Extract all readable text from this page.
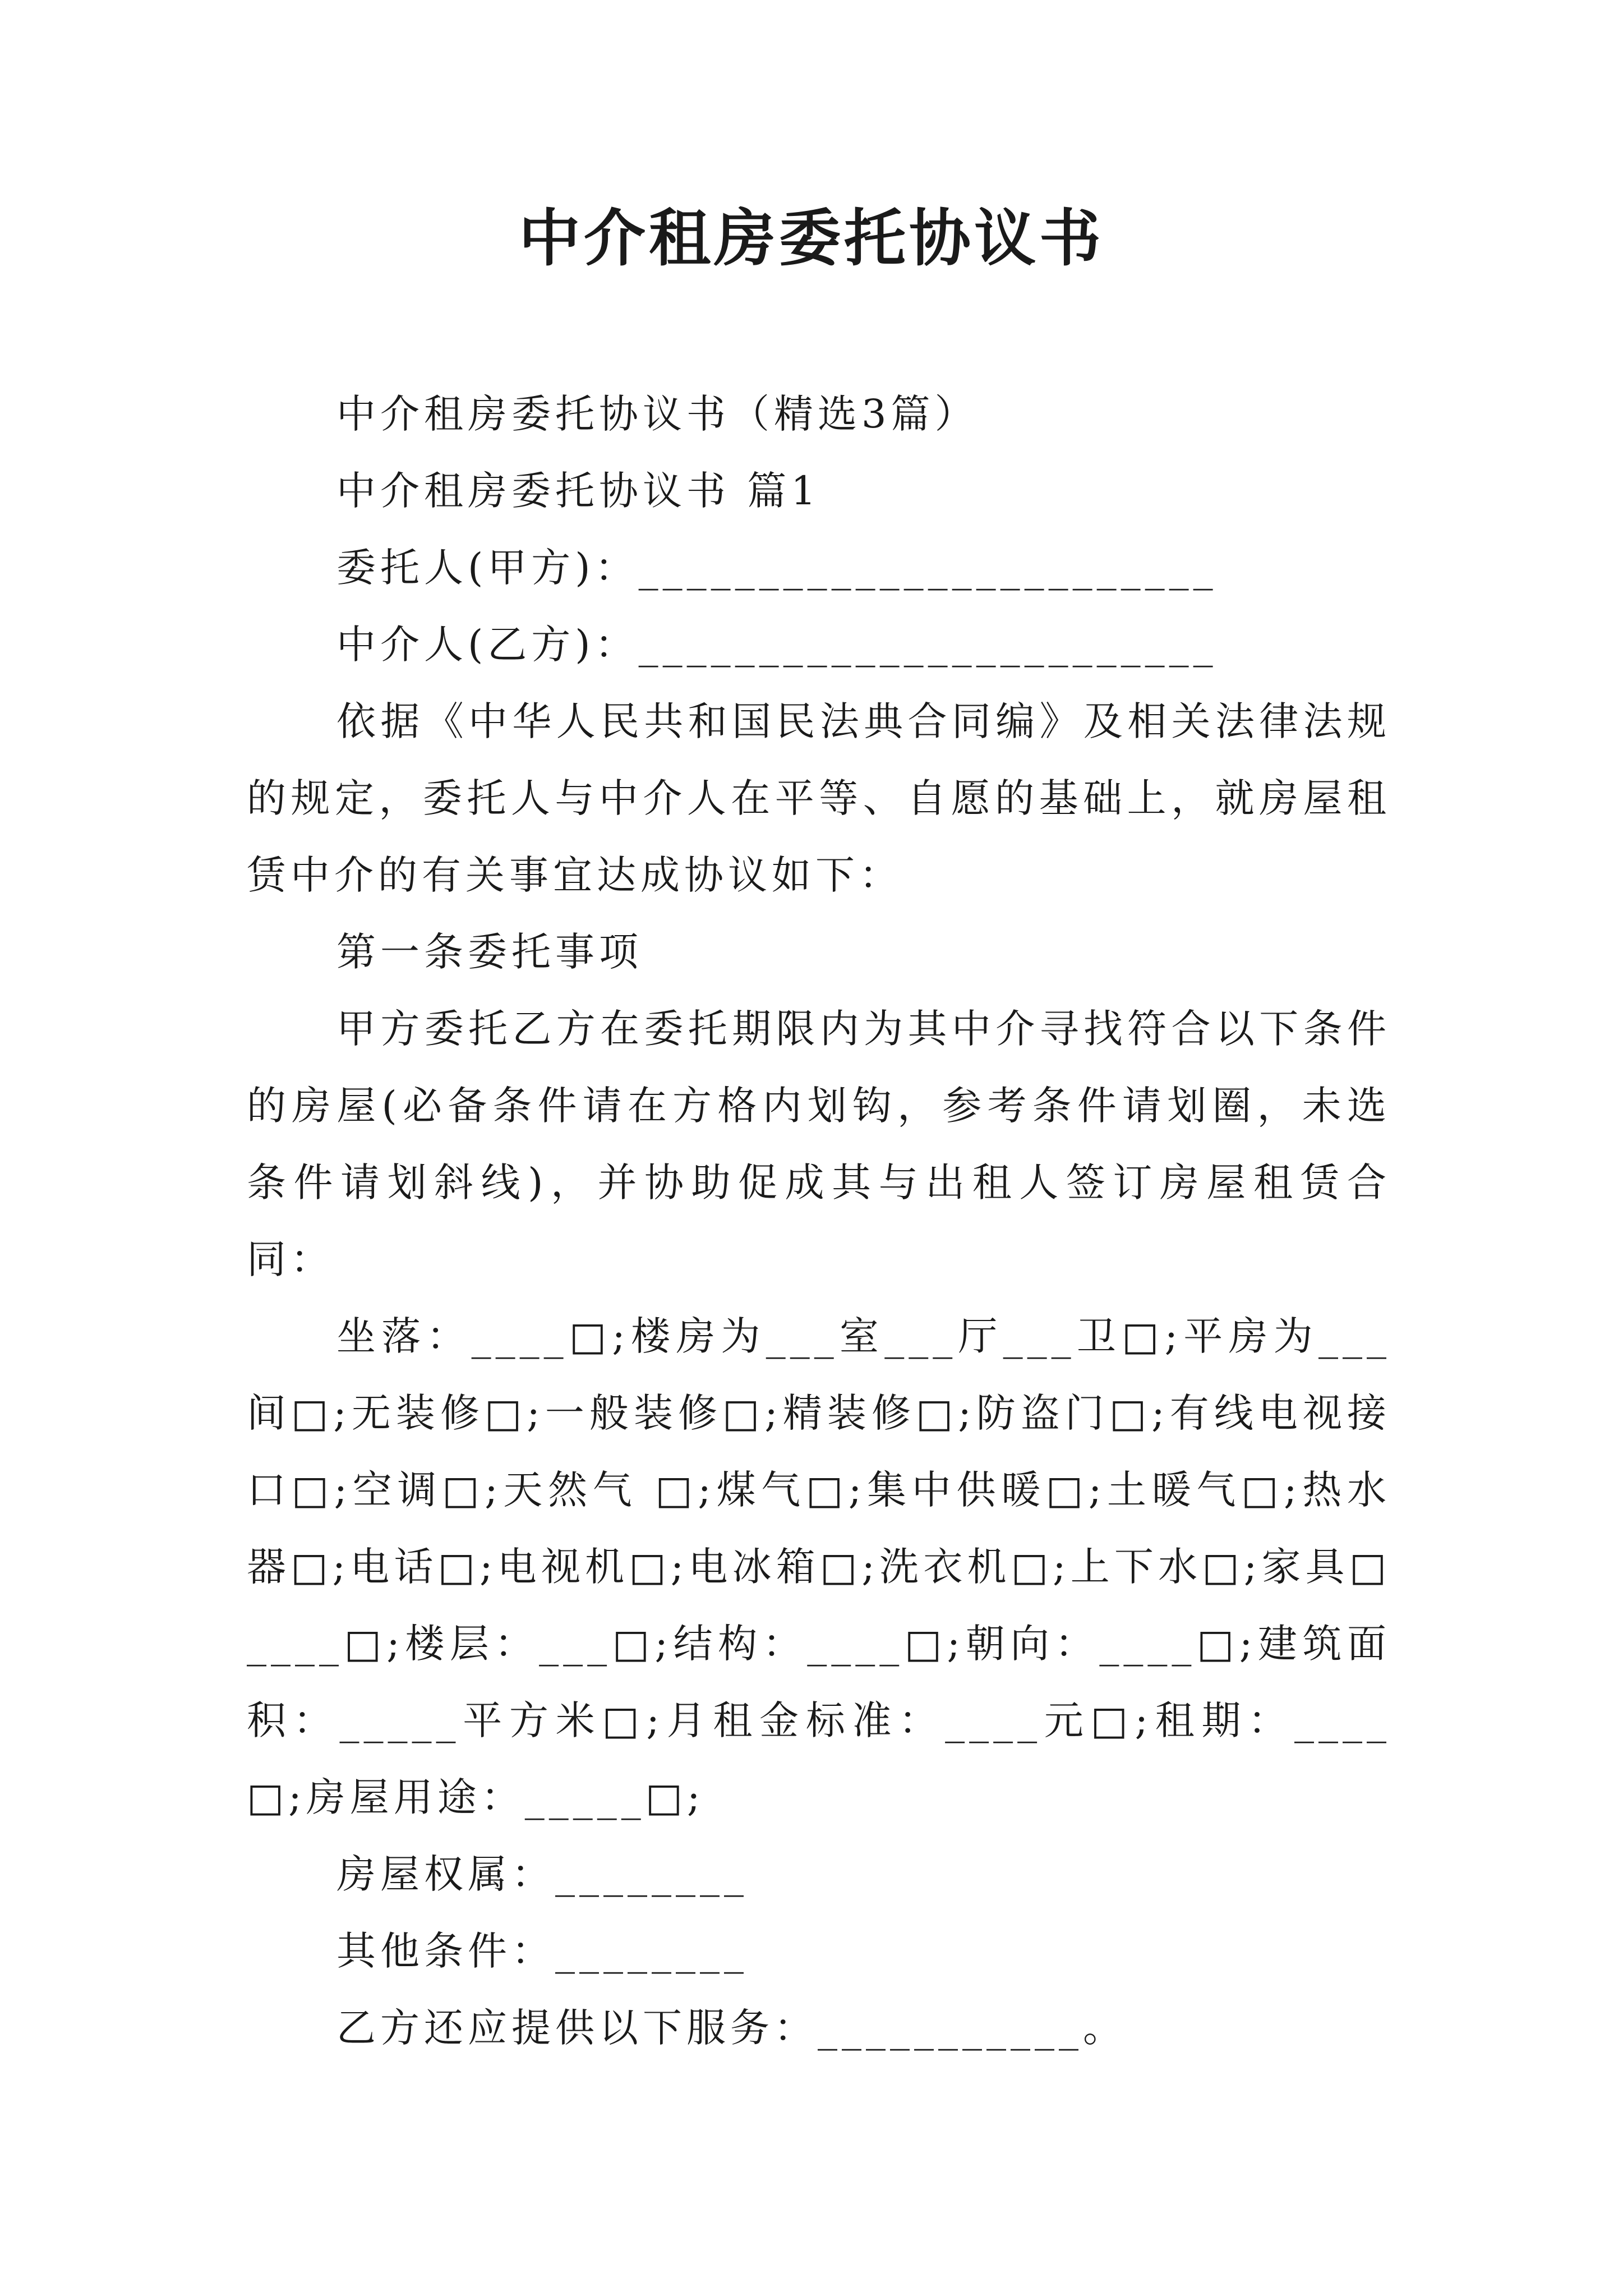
中介租房委托协议书

中介租房委托协议书（精选3篇）

中介租房委托协议书 篇1

委托人(甲方)：________________________

中介人(乙方)：________________________

依据《中华人民共和国民法典合同编》及相关法律法规的规定，委托人与中介人在平等、自愿的基础上，就房屋租赁中介的有关事宜达成协议如下：

第一条委托事项

甲方委托乙方在委托期限内为其中介寻找符合以下条件的房屋(必备条件请在方格内划钩，参考条件请划圈，未选条件请划斜线)，并协助促成其与出租人签订房屋租赁合同：

坐落：____□;楼房为___室___厅___卫□;平房为___间□;无装修□;一般装修□;精装修□;防盗门□;有线电视接口□;空调□;天然气 □;煤气□;集中供暖□;土暖气□;热水器□;电话□;电视机□;电冰箱□;洗衣机□;上下水□;家具□____□;楼层：___□;结构：____□;朝向：____□;建筑面积：_____平方米□;月租金标准：____元□;租期：____□;房屋用途：_____□;

房屋权属：________

其他条件：________

乙方还应提供以下服务：___________。
